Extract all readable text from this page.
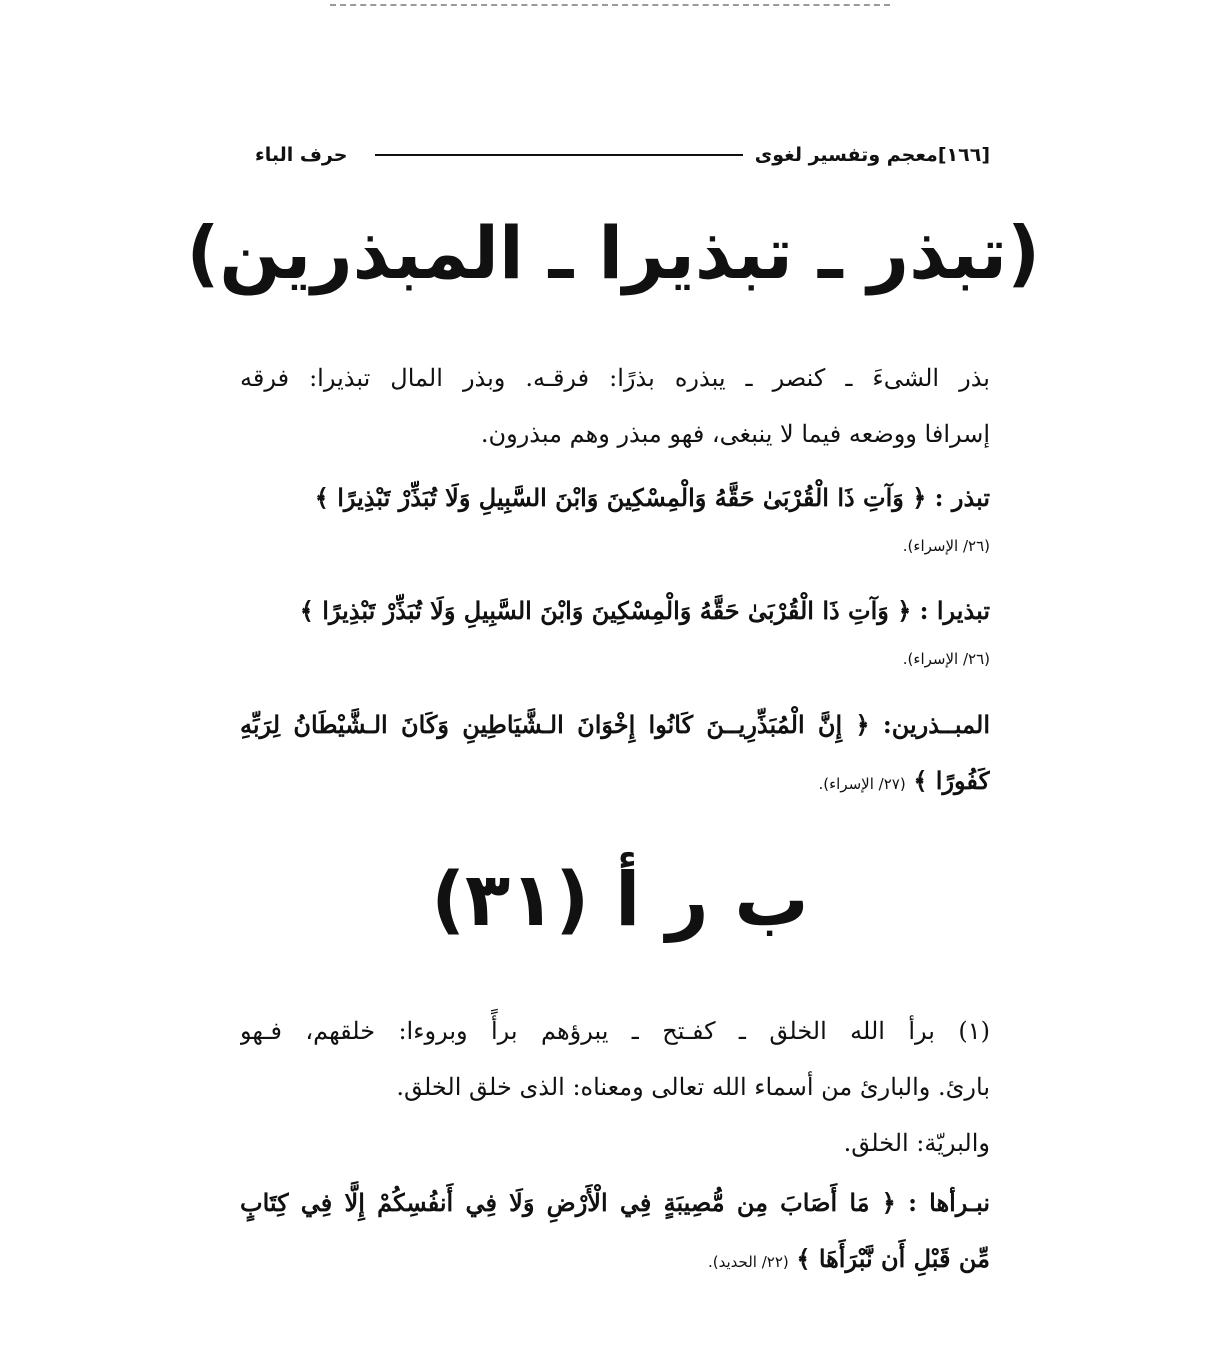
[١٦٦]معجم وتفسير لغوى
حرف الباء
(تبذر ـ تبذيرا ـ المبذرين)
بذر الشىءَ ـ كنصر ـ يبذره بذرًا: فرقـه. وبذر المال تبذيرا: فرقه
إسرافا ووضعه فيما لا ينبغى، فهو مبذر وهم مبذرون.
تبذر : ﴿ وَآتِ ذَا الْقُرْبَىٰ حَقَّهُ وَالْمِسْكِينَ وَابْنَ السَّبِيلِ وَلَا تُبَذِّرْ تَبْذِيرًا ﴾
(٢٦/ الإسراء).
تبذيرا : ﴿ وَآتِ ذَا الْقُرْبَىٰ حَقَّهُ وَالْمِسْكِينَ وَابْنَ السَّبِيلِ وَلَا تُبَذِّرْ تَبْذِيرًا ﴾
(٢٦/ الإسراء).
المبــذرين: ﴿ إِنَّ الْمُبَذِّرِيــنَ كَانُوا إِخْوَانَ الـشَّيَاطِينِ وَكَانَ الـشَّيْطَانُ لِرَبِّهِ
كَفُورًا ﴾ (٢٧/ الإسراء).
ب ر أ (٣١)
(١) برأ الله الخلق ـ كفـتح ـ يبرؤهم برأً وبروءا: خلقهم، فـهو
بارئ. والبارئ من أسماء الله تعالى ومعناه: الذى خلق الخلق.
والبريّة: الخلق.
نبـرأها : ﴿ مَا أَصَابَ مِن مُّصِيبَةٍ فِي الْأَرْضِ وَلَا فِي أَنفُسِكُمْ إِلَّا فِي كِتَابٍ
مِّن قَبْلِ أَن نَّبْرَأَهَا ﴾ (٢٢/ الحديد).
